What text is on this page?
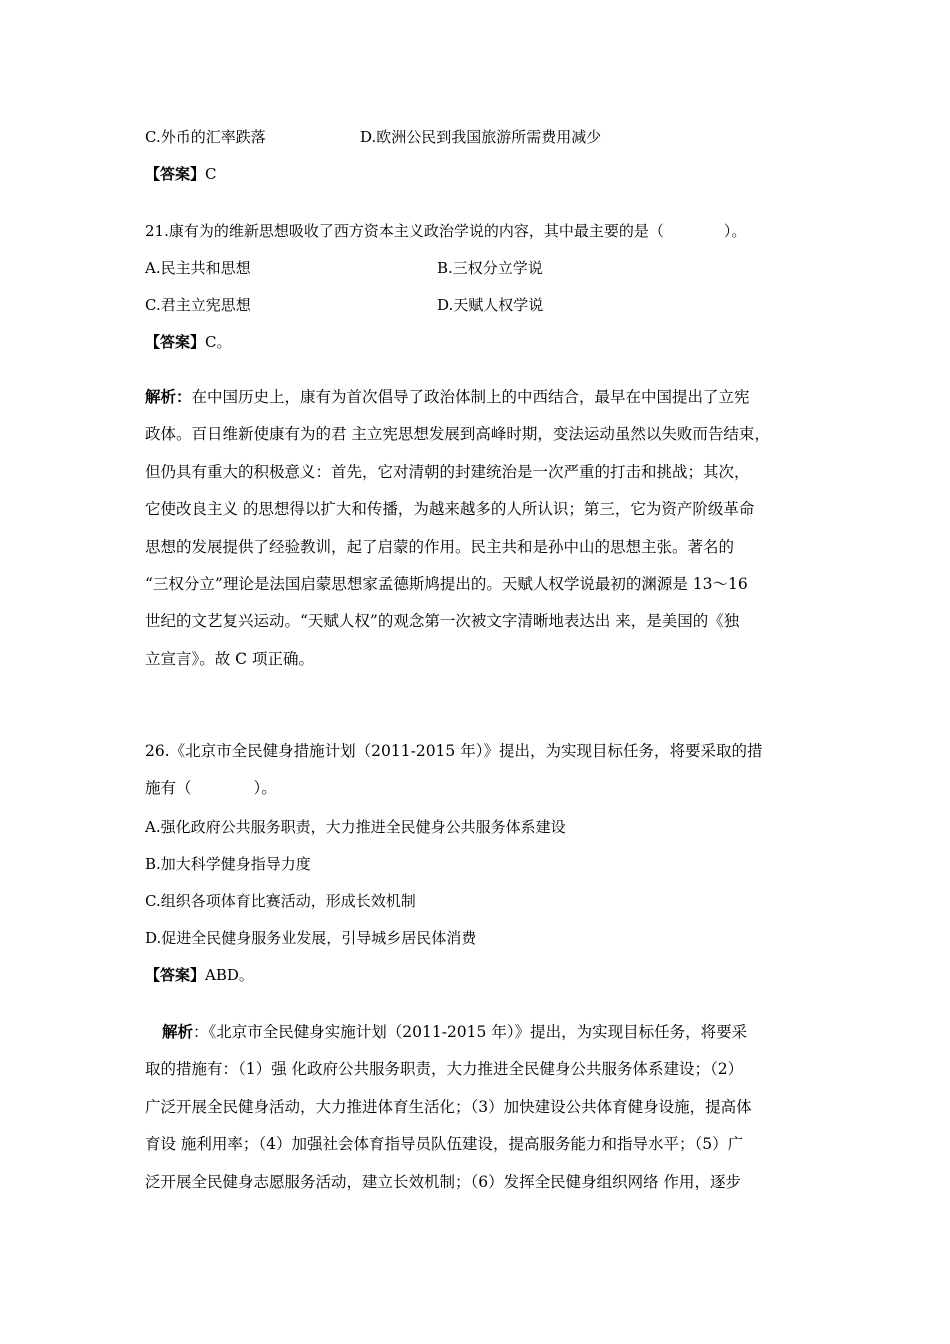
C.外币的汇率跌落	D.欧洲公民到我国旅游所需费用减少
【答案】C
21.康有为的维新思想吸收了西方资本主义政治学说的内容，其中最主要的是（　　　　）。
A.民主共和思想	B.三权分立学说
C.君主立宪思想	D.天赋人权学说
【答案】C。
解析：在中国历史上，康有为首次倡导了政治体制上的中西结合，最早在中国提出了立宪
政体。百日维新使康有为的君 主立宪思想发展到高峰时期，变法运动虽然以失败而告结束，
但仍具有重大的积极意义：首先，它对清朝的封建统治是一次严重的打击和挑战；其次，
它使改良主义 的思想得以扩大和传播，为越来越多的人所认识；第三，它为资产阶级革命
思想的发展提供了经验教训，起了启蒙的作用。民主共和是孙中山的思想主张。著名的
“三权分立”理论是法国启蒙思想家孟德斯鸠提出的。天赋人权学说最初的渊源是 13～16
世纪的文艺复兴运动。“天赋人权”的观念第一次被文字清晰地表达出 来，是美国的《独
立宣言》。故 C 项正确。
26.《北京市全民健身措施计划（2011-2015 年）》提出，为实现目标任务，将要采取的措
施有（　　　　）。
A.强化政府公共服务职责，大力推进全民健身公共服务体系建设
B.加大科学健身指导力度
C.组织各项体育比赛活动，形成长效机制
D.促进全民健身服务业发展，引导城乡居民体消费
【答案】ABD。
解析：《北京市全民健身实施计划（2011-2015 年）》提出，为实现目标任务，将要采
取的措施有：（1）强 化政府公共服务职责，大力推进全民健身公共服务体系建设；（2）
广泛开展全民健身活动，大力推进体育生活化；（3）加快建设公共体育健身设施，提高体
育设 施利用率；（4）加强社会体育指导员队伍建设，提高服务能力和指导水平；（5）广
泛开展全民健身志愿服务活动，建立长效机制；（6）发挥全民健身组织网络 作用，逐步
